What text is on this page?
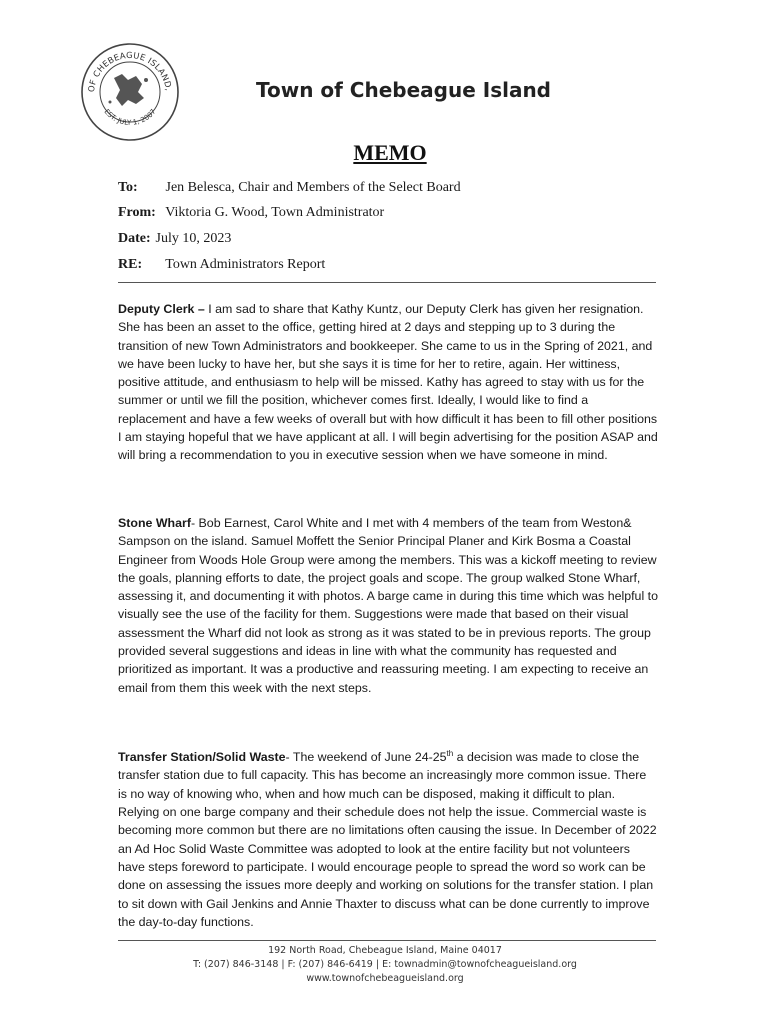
OF CHEBEAGUE ISLAND,
EST. JULY 1, 2007
Town of Chebeague Island
MEMO
To: Jen Belesca, Chair and Members of the Select Board
From: Viktoria G. Wood, Town Administrator
Date: July 10, 2023
RE: Town Administrators Report

Deputy Clerk – I am sad to share that Kathy Kuntz, our Deputy Clerk has given her resignation. She has been an asset to the office, getting hired at 2 days and stepping up to 3 during the transition of new Town Administrators and bookkeeper. She came to us in the Spring of 2021, and we have been lucky to have her, but she says it is time for her to retire, again. Her wittiness, positive attitude, and enthusiasm to help will be missed. Kathy has agreed to stay with us for the summer or until we fill the position, whichever comes first. Ideally, I would like to find a replacement and have a few weeks of overall but with how difficult it has been to fill other positions I am staying hopeful that we have applicant at all. I will begin advertising for the position ASAP and will bring a recommendation to you in executive session when we have someone in mind.

Stone Wharf- Bob Earnest, Carol White and I met with 4 members of the team from Weston& Sampson on the island. Samuel Moffett the Senior Principal Planer and Kirk Bosma a Coastal Engineer from Woods Hole Group were among the members. This was a kickoff meeting to review the goals, planning efforts to date, the project goals and scope. The group walked Stone Wharf, assessing it, and documenting it with photos. A barge came in during this time which was helpful to visually see the use of the facility for them. Suggestions were made that based on their visual assessment the Wharf did not look as strong as it was stated to be in previous reports. The group provided several suggestions and ideas in line with what the community has requested and prioritized as important. It was a productive and reassuring meeting. I am expecting to receive an email from them this week with the next steps.

Transfer Station/Solid Waste- The weekend of June 24-25th a decision was made to close the transfer station due to full capacity. This has become an increasingly more common issue. There is no way of knowing who, when and how much can be disposed, making it difficult to plan. Relying on one barge company and their schedule does not help the issue. Commercial waste is becoming more common but there are no limitations often causing the issue. In December of 2022 an Ad Hoc Solid Waste Committee was adopted to look at the entire facility but not volunteers have steps foreword to participate. I would encourage people to spread the word so work can be done on assessing the issues more deeply and working on solutions for the transfer station. I plan to sit down with Gail Jenkins and Annie Thaxter to discuss what can be done currently to improve the day-to-day functions.

192 North Road, Chebeague Island, Maine 04017
T: (207) 846-3148 | F: (207) 846-6419 | E: townadmin@townofcheagueisland.org
www.townofchebeagueisland.org
